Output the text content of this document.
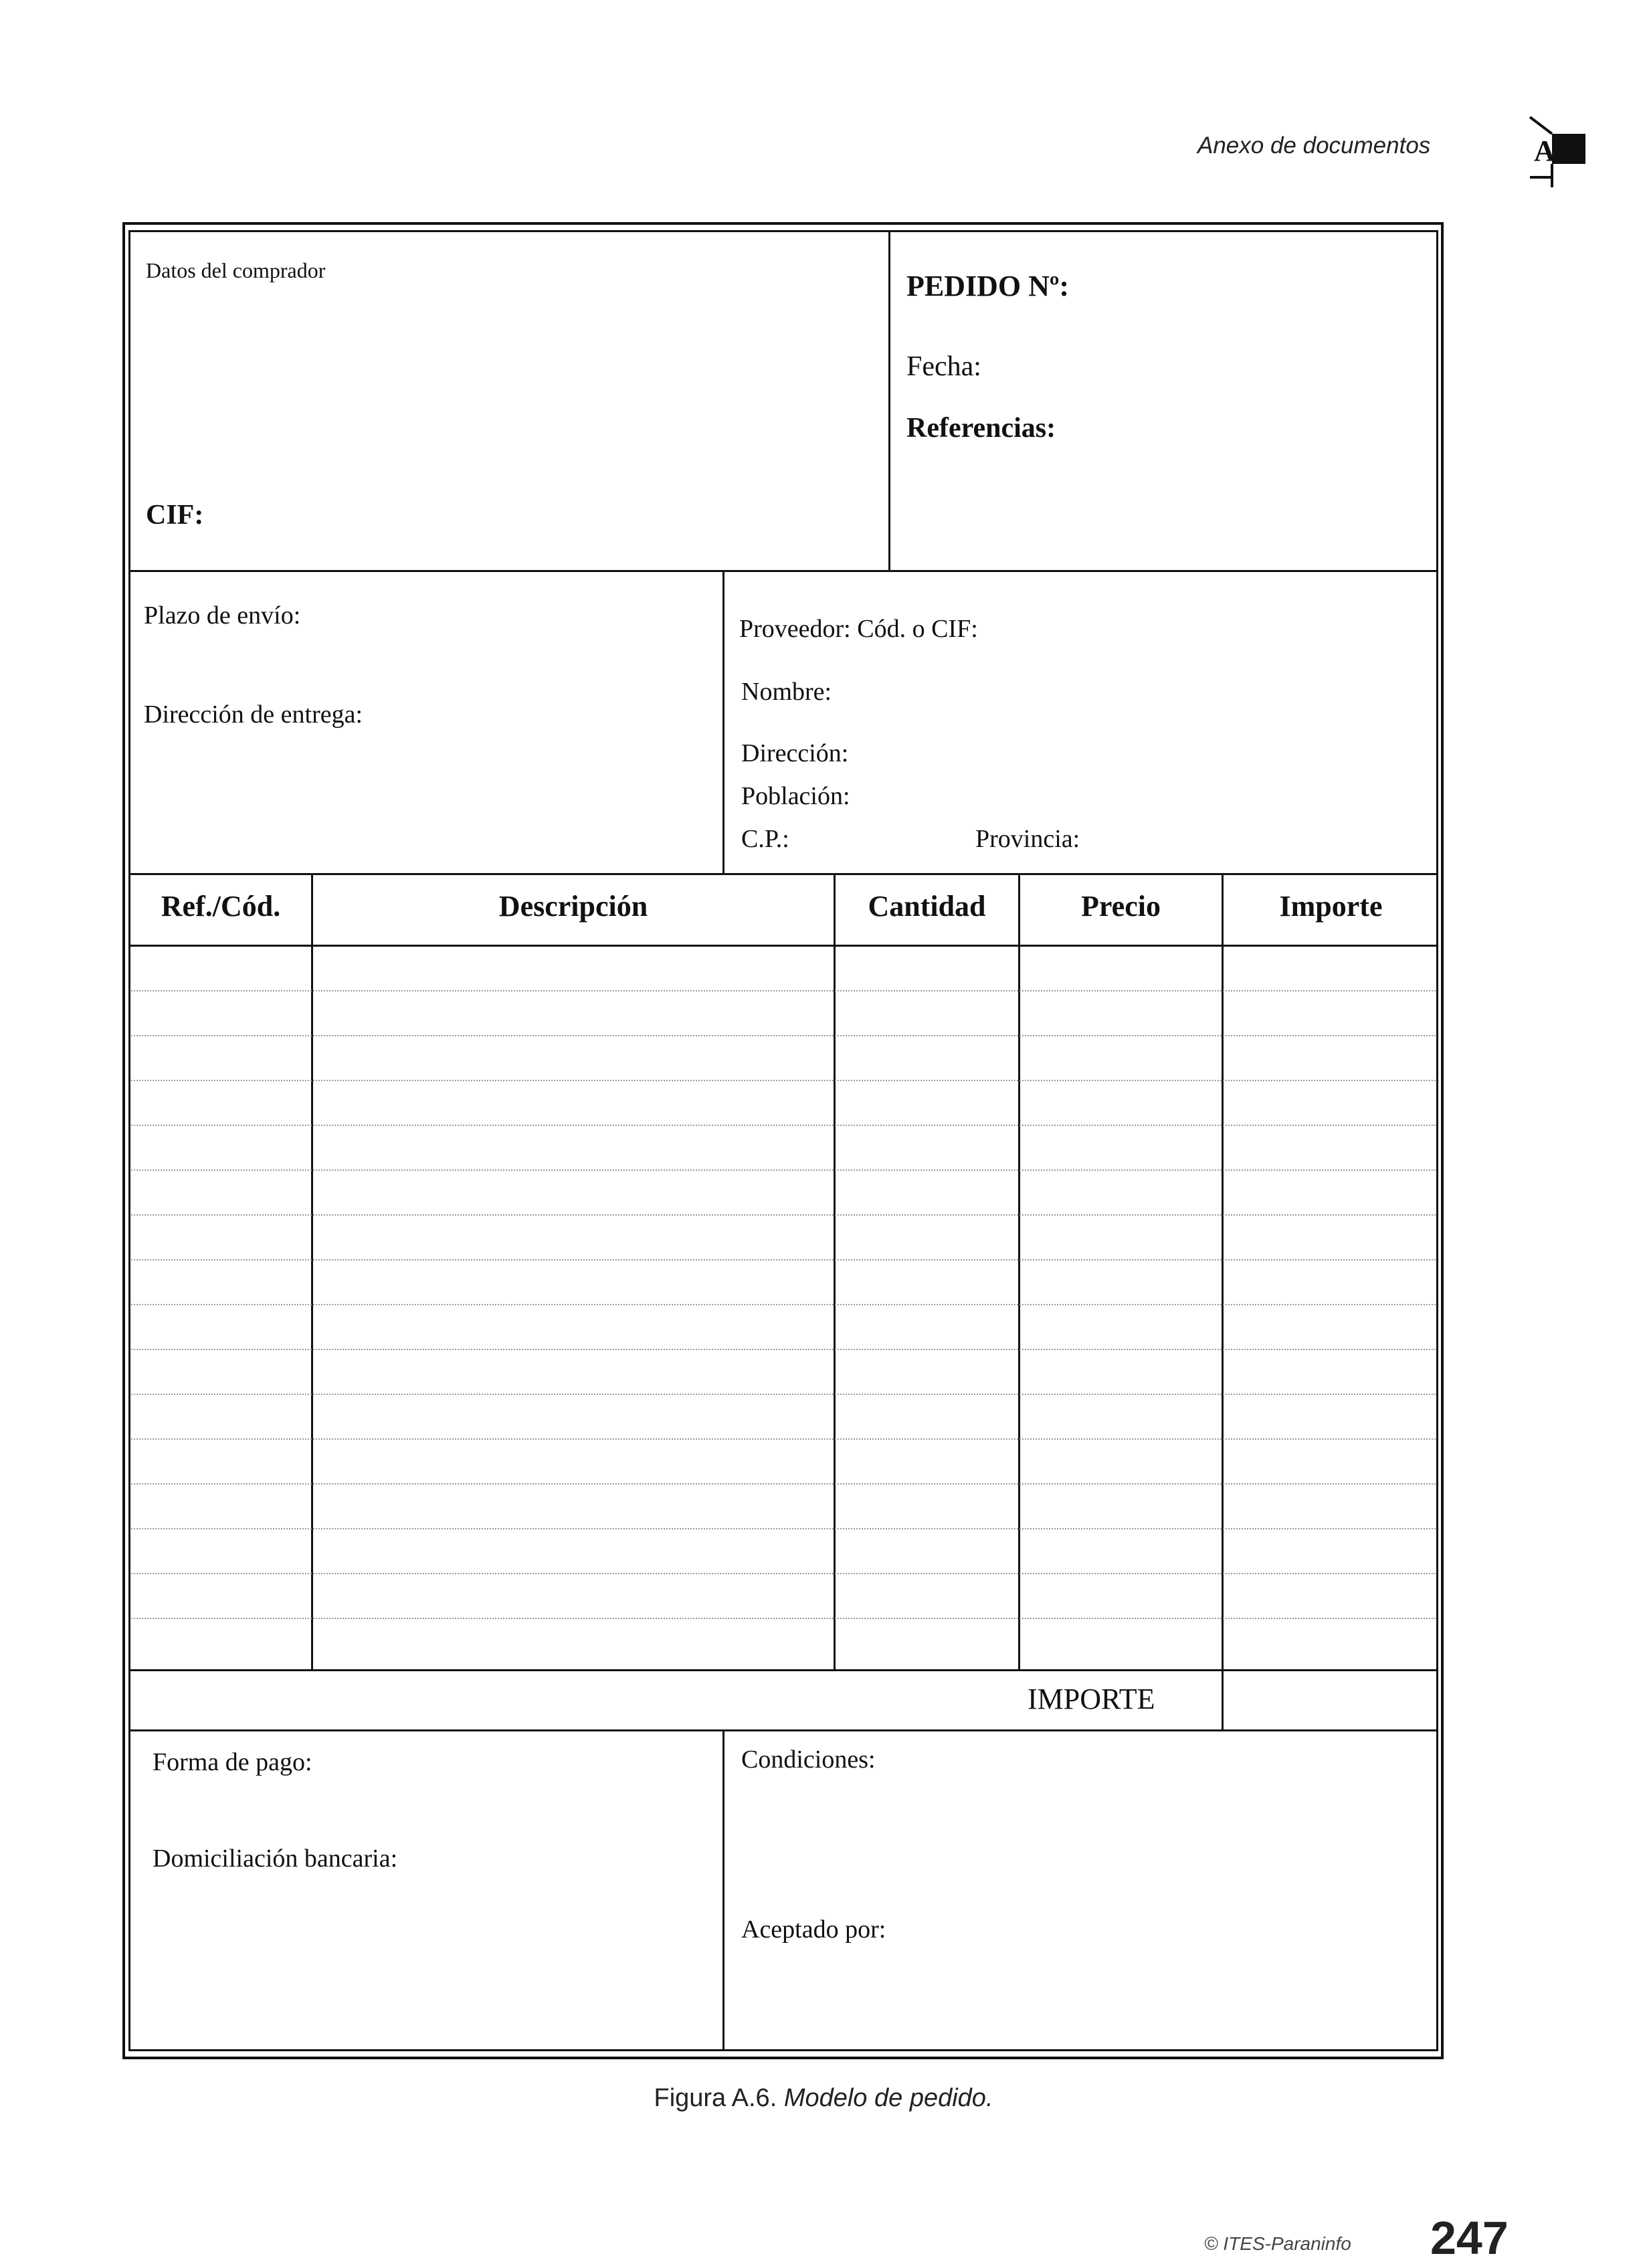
Anexo de documentos	A
Datos del comprador
CIF:
PEDIDO Nº:
Fecha:
Referencias:
Plazo de envío:
Dirección de entrega:
Proveedor: Cód. o CIF:
Nombre:
Dirección:
Población:
C.P.:	Provincia:
Ref./Cód.	Descripción	Cantidad	Precio	Importe
IMPORTE
Forma de pago:
Domiciliación bancaria:
Condiciones:
Aceptado por:
Figura A.6. Modelo de pedido.
© ITES-Paraninfo 247
